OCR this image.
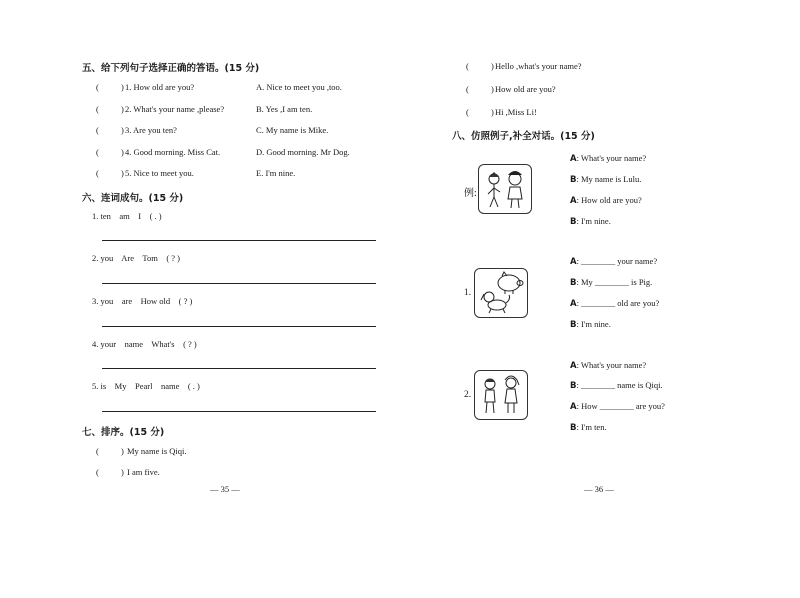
五、给下列句子选择正确的答语。(15 分)
(	) 1. How old are you?	A. Nice to meet you ,too.
(	) 2. What's your name ,please?	B. Yes ,I am ten.
(	) 3. Are you ten?	C. My name is Mike.
(	) 4. Good morning. Miss Cat.	D. Good morning. Mr Dog.
(	) 5. Nice to meet you.	E. I'm nine.
六、连词成句。(15 分)
1. ten    am    I    ( . )
2. you    Are    Tom    ( ? )
3. you    are    How old    ( ? )
4. your    name    What's    ( ? )
5. is    My    Pearl    name    ( . )
七、排序。(15 分)
(	) My name is Qiqi.
(	) I am five.
— 35 —
(	) Hello ,what's your name?
(	) How old are you?
(	) Hi ,Miss Li!
八、仿照例子,补全对话。(15 分)
例:
A: What's your name?
B: My name is Lulu.
A: How old are you?
B: I'm nine.
1.
A: ________ your name?
B: My ________ is Pig.
A: ________ old are you?
B: I'm nine.
2.
A: What's your name?
B: ________ name is Qiqi.
A: How ________ are you?
B: I'm ten.
— 36 —
